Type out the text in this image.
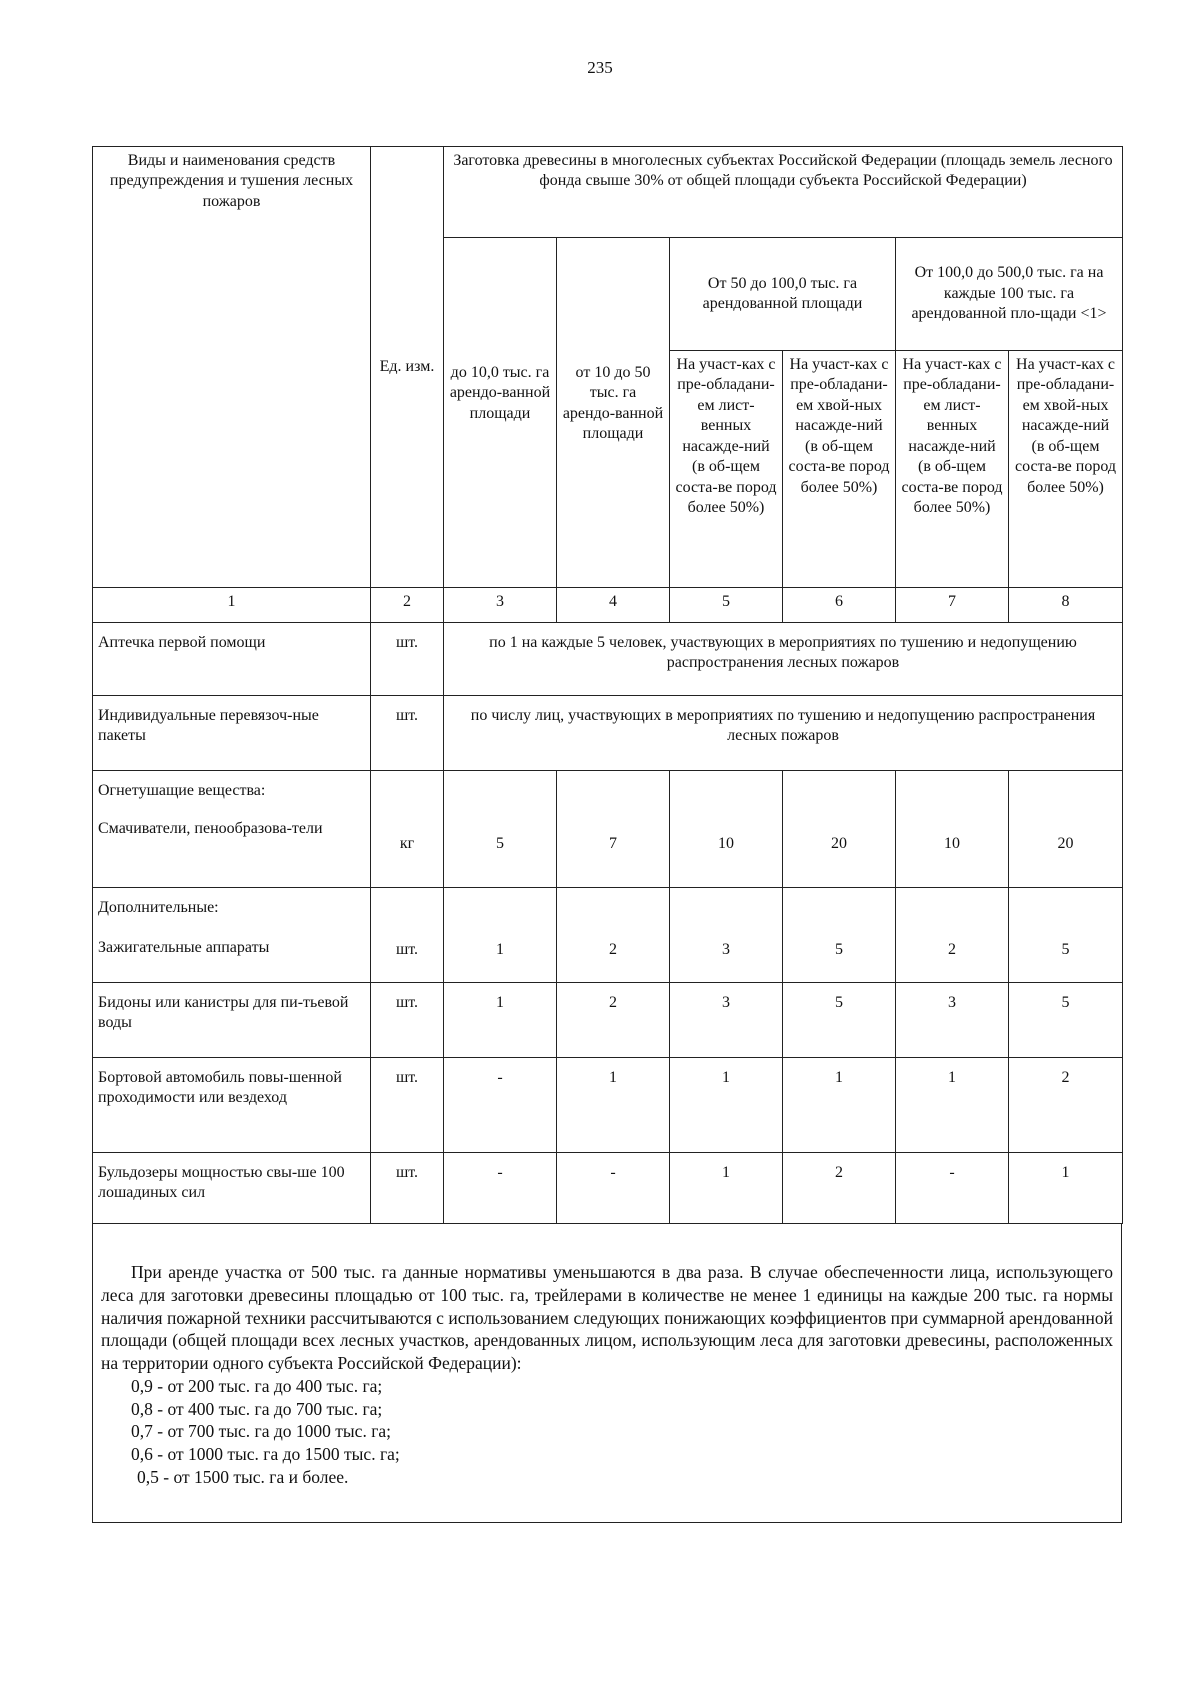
235
Виды и наименования средств предупреждения и тушения лесных пожаров	Ед. изм.	Заготовка древесины в многолесных субъектах Российской Федерации (площадь земель лесного фонда свыше 30% от общей площади субъекта Российской Федерации)					
		до 10,0 тыс. га арендо-ванной площади	от 10 до 50 тыс. га арендо-ванной площади	От 50 до 100,0 тыс. га арендованной площади		От 100,0 до 500,0 тыс. га на каждые 100 тыс. га арендованной пло-щади <1>	
				На участ-ках с пре-обладани-ем лист-венных насажде-ний (в об-щем соста-ве пород более 50%)	На участ-ках с пре-обладани-ем хвой-ных насажде-ний (в об-щем соста-ве пород более 50%)	На участ-ках с пре-обладани-ем лист-венных насажде-ний (в об-щем соста-ве пород более 50%)	На участ-ках с пре-обладани-ем хвой-ных насажде-ний (в об-щем соста-ве пород более 50%)
1	2	3	4	5	6	7	8
Аптечка первой помощи	шт.	по 1 на каждые 5 человек, участвующих в мероприятиях по тушению и недопущению распространения лесных пожаров					
Индивидуальные перевязоч-ные пакеты	шт.	по числу лиц, участвующих в мероприятиях по тушению и недопущению распространения лесных пожаров					

Огнетушащие вещества:
Смачиватели, пенообразова-тели	кг	5	7	10	20	10	20

Дополнительные:
Зажигательные аппараты	шт.	1	2	3	5	2	5
Бидоны или канистры для пи-тьевой воды	шт.	1	2	3	5	3	5
Бортовой автомобиль повы-шенной проходимости или вездеход	шт.	-	1	1	1	1	2
Бульдозеры мощностью свы-ше 100 лошадиных сил	шт.	-	-	1	2	-	1

При аренде участка от 500 тыс. га данные нормативы уменьшаются в два раза. В случае обеспеченности лица, использующего леса для заготовки древесины площадью от 100 тыс. га, трейлерами в количестве не менее 1 единицы на каждые 200 тыс. га нормы наличия пожарной техники рассчитываются с использованием следующих понижающих коэффициентов при суммарной арендованной площади (общей площади всех лесных участков, арендованных лицом, использующим леса для заготовки древесины, расположенных на территории одного субъекта Российской Федерации):

0,9 - от 200 тыс. га до 400 тыс. га;
0,8 - от 400 тыс. га до 700 тыс. га;
0,7 - от 700 тыс. га до 1000 тыс. га;
0,6 - от 1000 тыс. га до 1500 тыс. га;
0,5 - от 1500 тыс. га и более.
